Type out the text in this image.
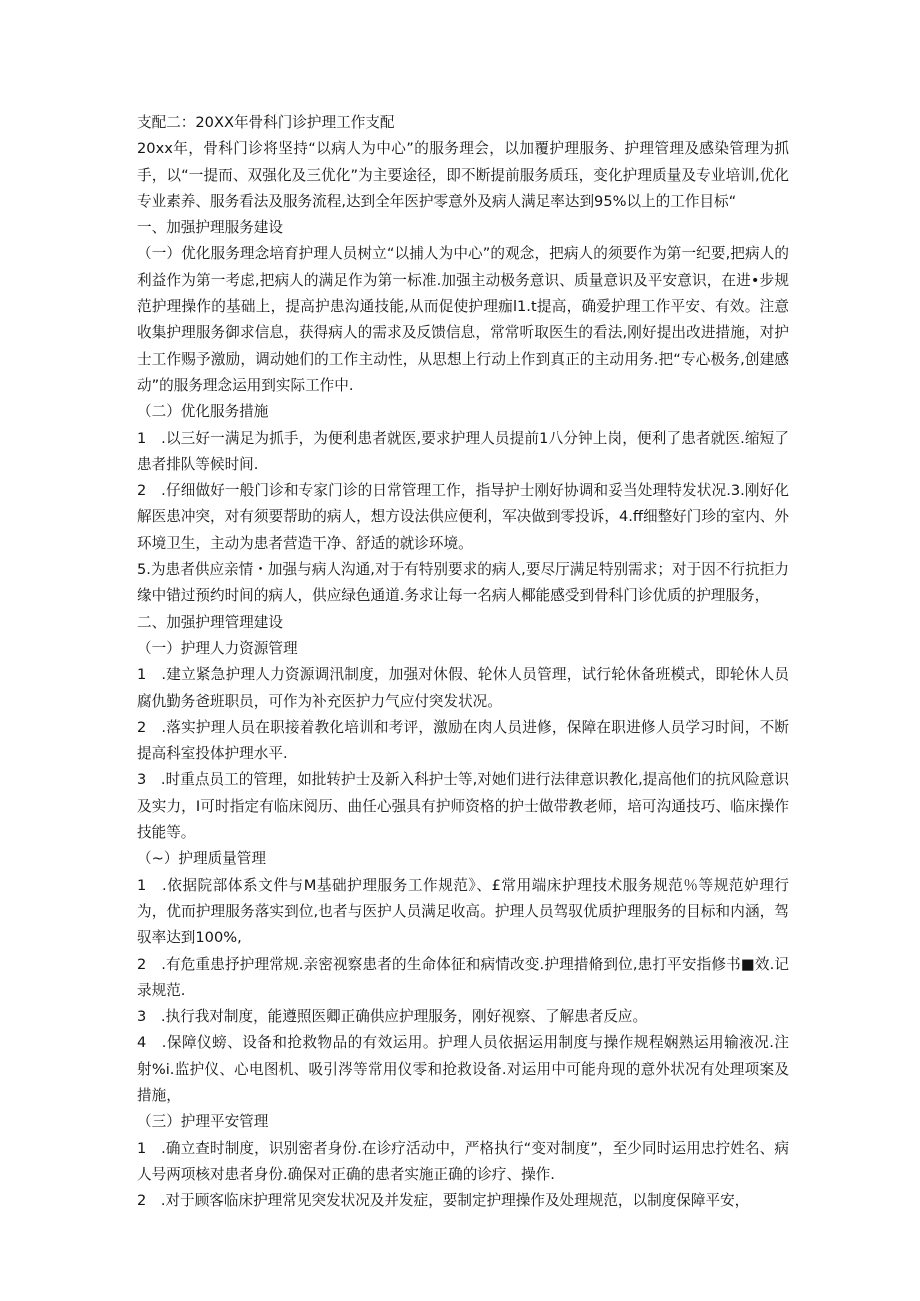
支配二：20XX年骨科门诊护理工作支配

20xx年，骨科门诊将坚持“以病人为中心”的服务理会，以加覆护理服务、护理管理及感染管理为抓手，以“一提而、双强化及三优化”为主要途径，即不断提前服务质珏，变化护理质量及专业培训,优化专业素养、服务看法及服务流程,达到全年医护零意外及病人满足率达到95%以上的工作目标“

一、加强护理服务建设

（一）优化服务理念培育护理人员树立“以捕人为中心”的观念，把病人的须要作为第一纪要,把病人的利益作为第一考虑,把病人的满足作为第一标准.加强主动极务意识、质量意识及平安意识，在进•步规范护理操作的基础上，提高护患沟通技能,从而促使护理痂l1.t提高，确爱护理工作平安、有效。注意收集护理服务御求信息，获得病人的需求及反馈信息，常常听取医生的看法,刚好提出改进措施，对护士工作赐予激励，调动她们的工作主动性，从思想上行动上作到真正的主动用务.把“专心极务,创建感动”的服务理念运用到实际工作中.

（二）优化服务措施

1　.以三好一满足为抓手，为便利患者就医,要求护理人员提前1八分钟上岗，便利了患者就医.缩短了患者排队等候时间.

2　.仔细做好一般门诊和专家门诊的日常管理工作，指导护士刚好协调和妥当处理特发状况.3.刚好化解医患冲突，对有须要帮助的病人，想方设法供应便利，军决做到零投诉，4.ff细整好门珍的室内、外环境卫生，主动为患者营造干净、舒适的就诊环境。

5.为患者供应亲情・加强与病人沟通,对于有特别要求的病人,要尽厅满足特别需求；对于因不行抗拒力缘中错过预约时间的病人，供应绿色通道.务求让每一名病人椰能感受到骨科门诊优质的护理服务，

二、加强护理管理建设

（一）护理人力资源管理

1　.建立紧急护理人力资源调汛制度，加强对休假、轮休人员管理，试行轮休备班模式，即轮休人员腐仇勤务爸班职员，可作为补充医护力气应付突发状况。

2　.落实护理人员在职接着教化培训和考评，激励在肉人员进修，保障在职进修人员学习时间，不断提高科室投体护理水平.

3　.时重点员工的管理，如批转护士及新入科护士等,对她们进行法律意识教化,提高他们的抗风险意识及实力，I可时指定有临床阅历、曲任心强具有护师资格的护士做带教老师，培可沟通技巧、临床操作技能等。

（~）护理质量管理

1　.依据院部体系文件与M基础护理服务工作规范》、£常用端床护理技术服务规范％等规范妒理行为，优而护理服务落实到位,也者与医护人员满足收高。护理人员驾驭优质护理服务的目标和内涵，驾驭率达到100%,

2　.有危重患抒护理常规.亲密视察患者的生命体征和病情改变.护理措脩到位,患打平安指修书■效.记录规范.

3　.执行我对制度，能遵照医卿正确供应护理服务，刚好视察、了解患者反应。

4　.保障仪螃、设备和抢救物品的有效运用。护理人员依据运用制度与操作规程娴熟运用输液况.注射%i.监护仪、心电图机、吸引涔等常用仪零和抢救设备.对运用中可能舟现的意外状况有处理项案及措施，

（三）护理平安管理

1　.确立查时制度，识别密者身份.在诊疗活动中，严格执行“变对制度”，至少同时运用忠拧姓名、病人号两项核对患者身份.确保对正确的患者实施正确的诊疗、操作.

2　.对于顾客临床护理常见突发状况及并发症，要制定护理操作及处理规范，以制度保障平安，
